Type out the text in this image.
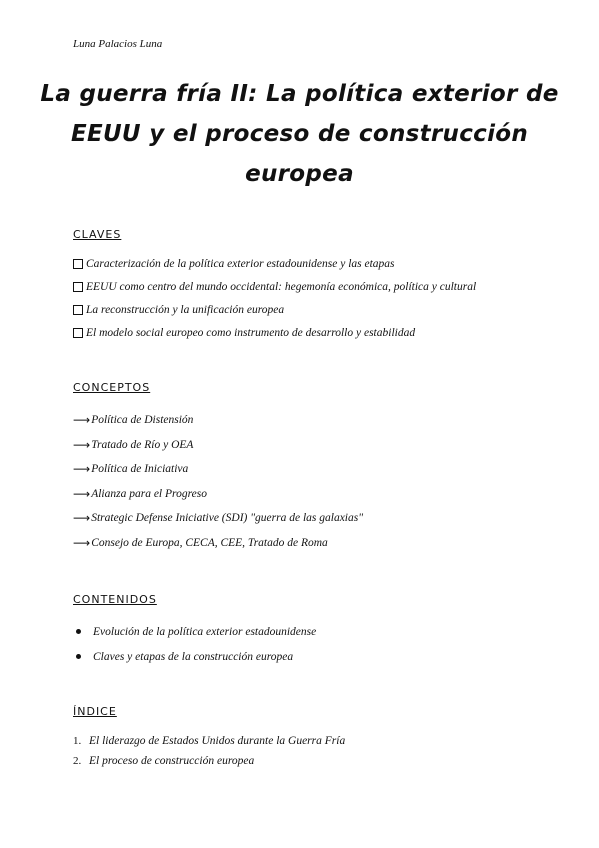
Luna Palacios Luna
La guerra fría II: La política exterior de EEUU y el proceso de construcción europea
CLAVES
Caracterización de la política exterior estadounidense y las etapas
EEUU como centro del mundo occidental: hegemonía económica, política y cultural
La reconstrucción y la unificación europea
El modelo social europeo como instrumento de desarrollo y estabilidad
CONCEPTOS
⟶ Política de Distensión
⟶ Tratado de Río y OEA
⟶ Política de Iniciativa
⟶ Alianza para el Progreso
⟶ Strategic Defense Iniciative (SDI) "guerra de las galaxias"
⟶ Consejo de Europa, CECA, CEE, Tratado de Roma
CONTENIDOS
Evolución de la política exterior estadounidense
Claves y etapas de la construcción europea
ÍNDICE
1. El liderazgo de Estados Unidos durante la Guerra Fría
2. El proceso de construcción europea
